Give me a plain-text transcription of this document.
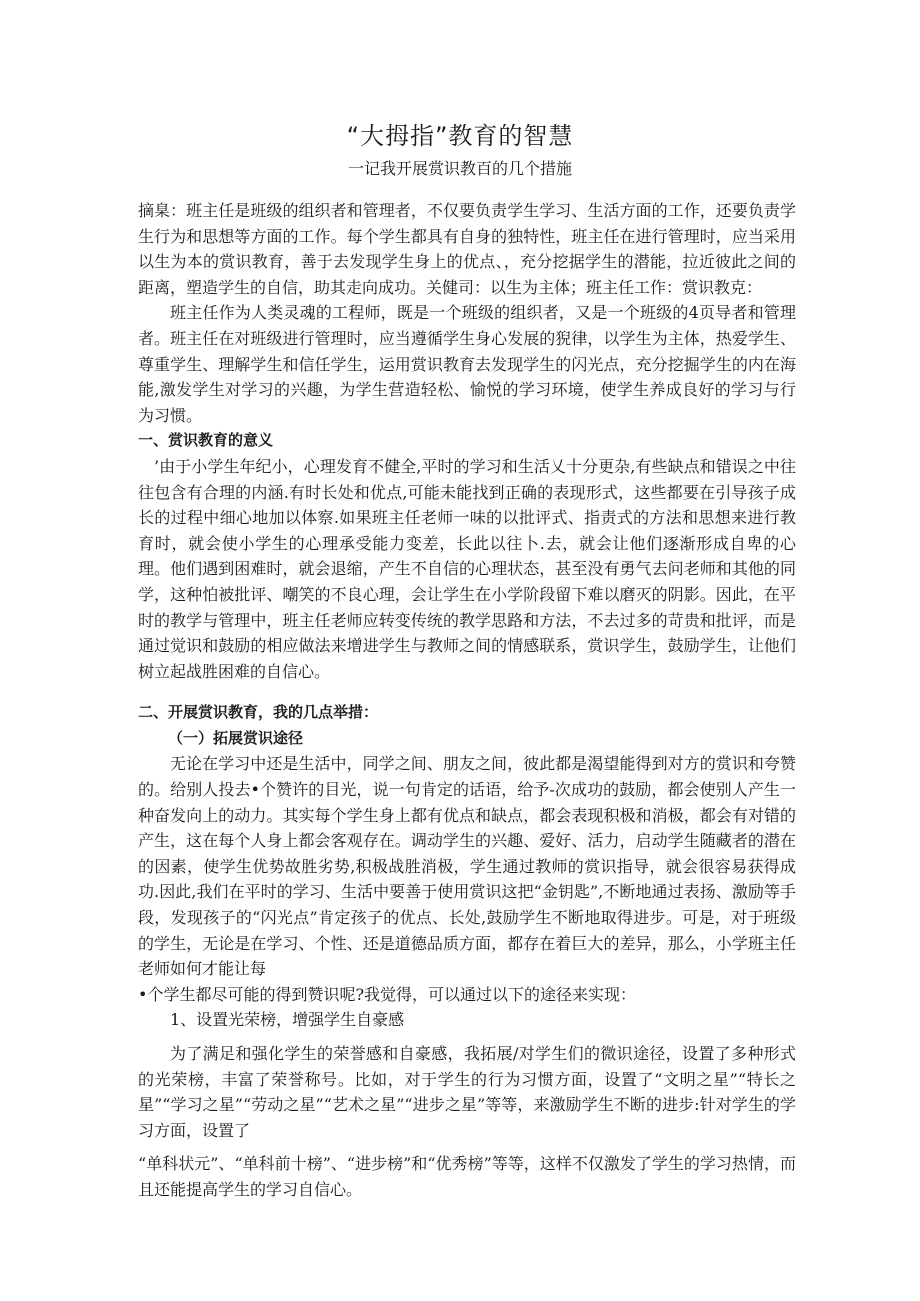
“大拇指”教育的智慧

一记我开展赏识教百的几个措施

摘臬：班主任是班级的组织者和管理者，不仅要负责学生学习、生活方面的工作，还要负责学生行为和思想等方面的工作。每个学生都具有自身的独特性，班主任在进行管理时，应当采用以生为本的赏识教育，善于去发现学生身上的优点、，充分挖据学生的潜能，拉近彼此之间的距离，塑造学生的自信，助其走向成功。关健司：以生为主体；班主任工作：赏识教克：

班主任作为人类灵魂的工程师，既是一个班级的组织者，又是一个班级的4页导者和管理者。班主任在对班级进行管理时，应当遵循学生身心发展的猊律，以学生为主体，热爱学生、尊重学生、理解学生和信任学生，运用赏识教育去发现学生的闪光点，充分挖掘学生的内在海能,激发学生对学习的兴趣，为学生营造轻松、愉悦的学习环境，使学生养成良好的学习与行为习惯。

一、赏识教育的意义

’由于小学生年纪小，心理发育不健全,平时的学习和生活乂十分更杂,有些缺点和错误之中往往包含有合理的内涵.有时长处和优点,可能未能找到正确的表现形式，这些都要在引导孩子成长的过程中细心地加以体察.如果班主任老师一味的以批评式、指责式的方法和思想来进行教育时，就会使小学生的心理承受能力变差，长此以往卜.去，就会让他们逐渐形成自卑的心理。他们遇到困难时，就会退缩，产生不自信的心理状态，甚至没有勇气去问老师和其他的同学，这种怕被批评、嘲笑的不良心理，会让学生在小学阶段留下难以磨灭的阴影。因此，在平时的教学与管理中，班主任老师应转变传统的教学思路和方法，不去过多的苛贵和批评，而是通过觉识和鼓励的相应做法来增进学生与教师之间的情感联系，赏识学生，鼓励学生，让他们树立起战胜困难的自信心。

二、开展赏识教育，我的几点举措：

（一）拓展赏识途径

无论在学习中还是生活中，同学之间、朋友之间，彼此都是渴望能得到对方的赏识和夸赞的。给别人投去•个赞许的目光，说一句肯定的话语，给予-次成功的鼓励，都会使别人产生一种奋发向上的动力。其实每个学生身上都有优点和缺点，都会表现积极和消极，都会有对错的产生，这在每个人身上都会客观存在。调动学生的兴趣、爱好、活力，启动学生随藏者的潜在的因素，使学生优势故胜劣势,积极战胜消极，学生通过教师的赏识指导，就会很容易获得成功.因此,我们在平时的学习、生活中要善于使用赏识这把“金钥匙”,不断地通过表扬、激励等手段，发现孩子的“闪光点”肯定孩子的优点、长处,鼓励学生不断地取得进步。可是，对于班级的学生，无论是在学习、个性、还是道德品质方面，都存在着巨大的差异，那么，小学班主任老师如何才能让每

•个学生都尽可能的得到赞识呢?我觉得，可以通过以下的途径来实现：

1、设置光荣榜，增强学生自豪感

为了满足和强化学生的荣誉感和自豪感，我拓展/对学生们的微识途径，设置了多种形式的光荣榜，丰富了荣誉称号。比如，对于学生的行为习惯方面，设置了“文明之星”“特长之星”“学习之星”“劳动之星”“艺术之星”“进步之星”等等，来激励学生不断的进步:针对学生的学习方面，设置了

“单科状元”、“单科前十榜”、“进步榜”和“优秀榜”等等，这样不仅激发了学生的学习热情，而且还能提高学生的学习自信心。
